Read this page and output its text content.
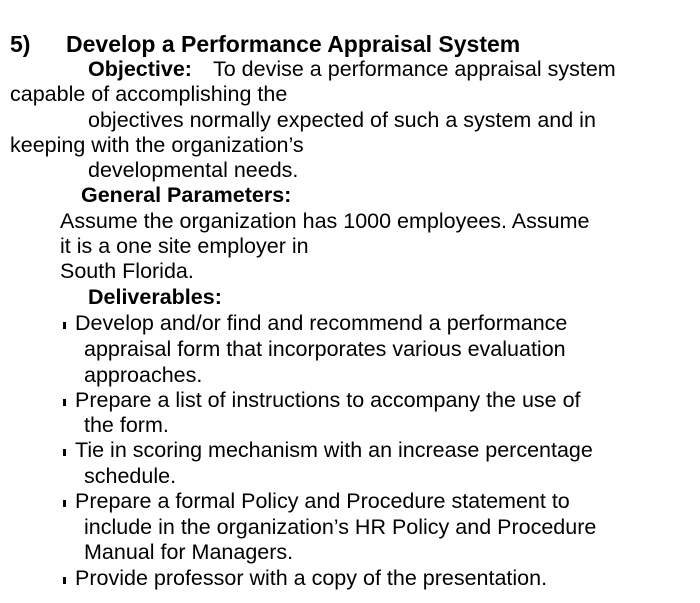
5) Develop a Performance Appraisal System
Objective: To devise a performance appraisal system
capable of accomplishing the
objectives normally expected of such a system and in
keeping with the organization’s
developmental needs.
General Parameters:
Assume the organization has 1000 employees. Assume
it is a one site employer in
South Florida.
Deliverables:
Develop and/or find and recommend a performance
appraisal form that incorporates various evaluation
approaches.
Prepare a list of instructions to accompany the use of
the form.
Tie in scoring mechanism with an increase percentage
schedule.
Prepare a formal Policy and Procedure statement to
include in the organization’s HR Policy and Procedure
Manual for Managers.
Provide professor with a copy of the presentation.
